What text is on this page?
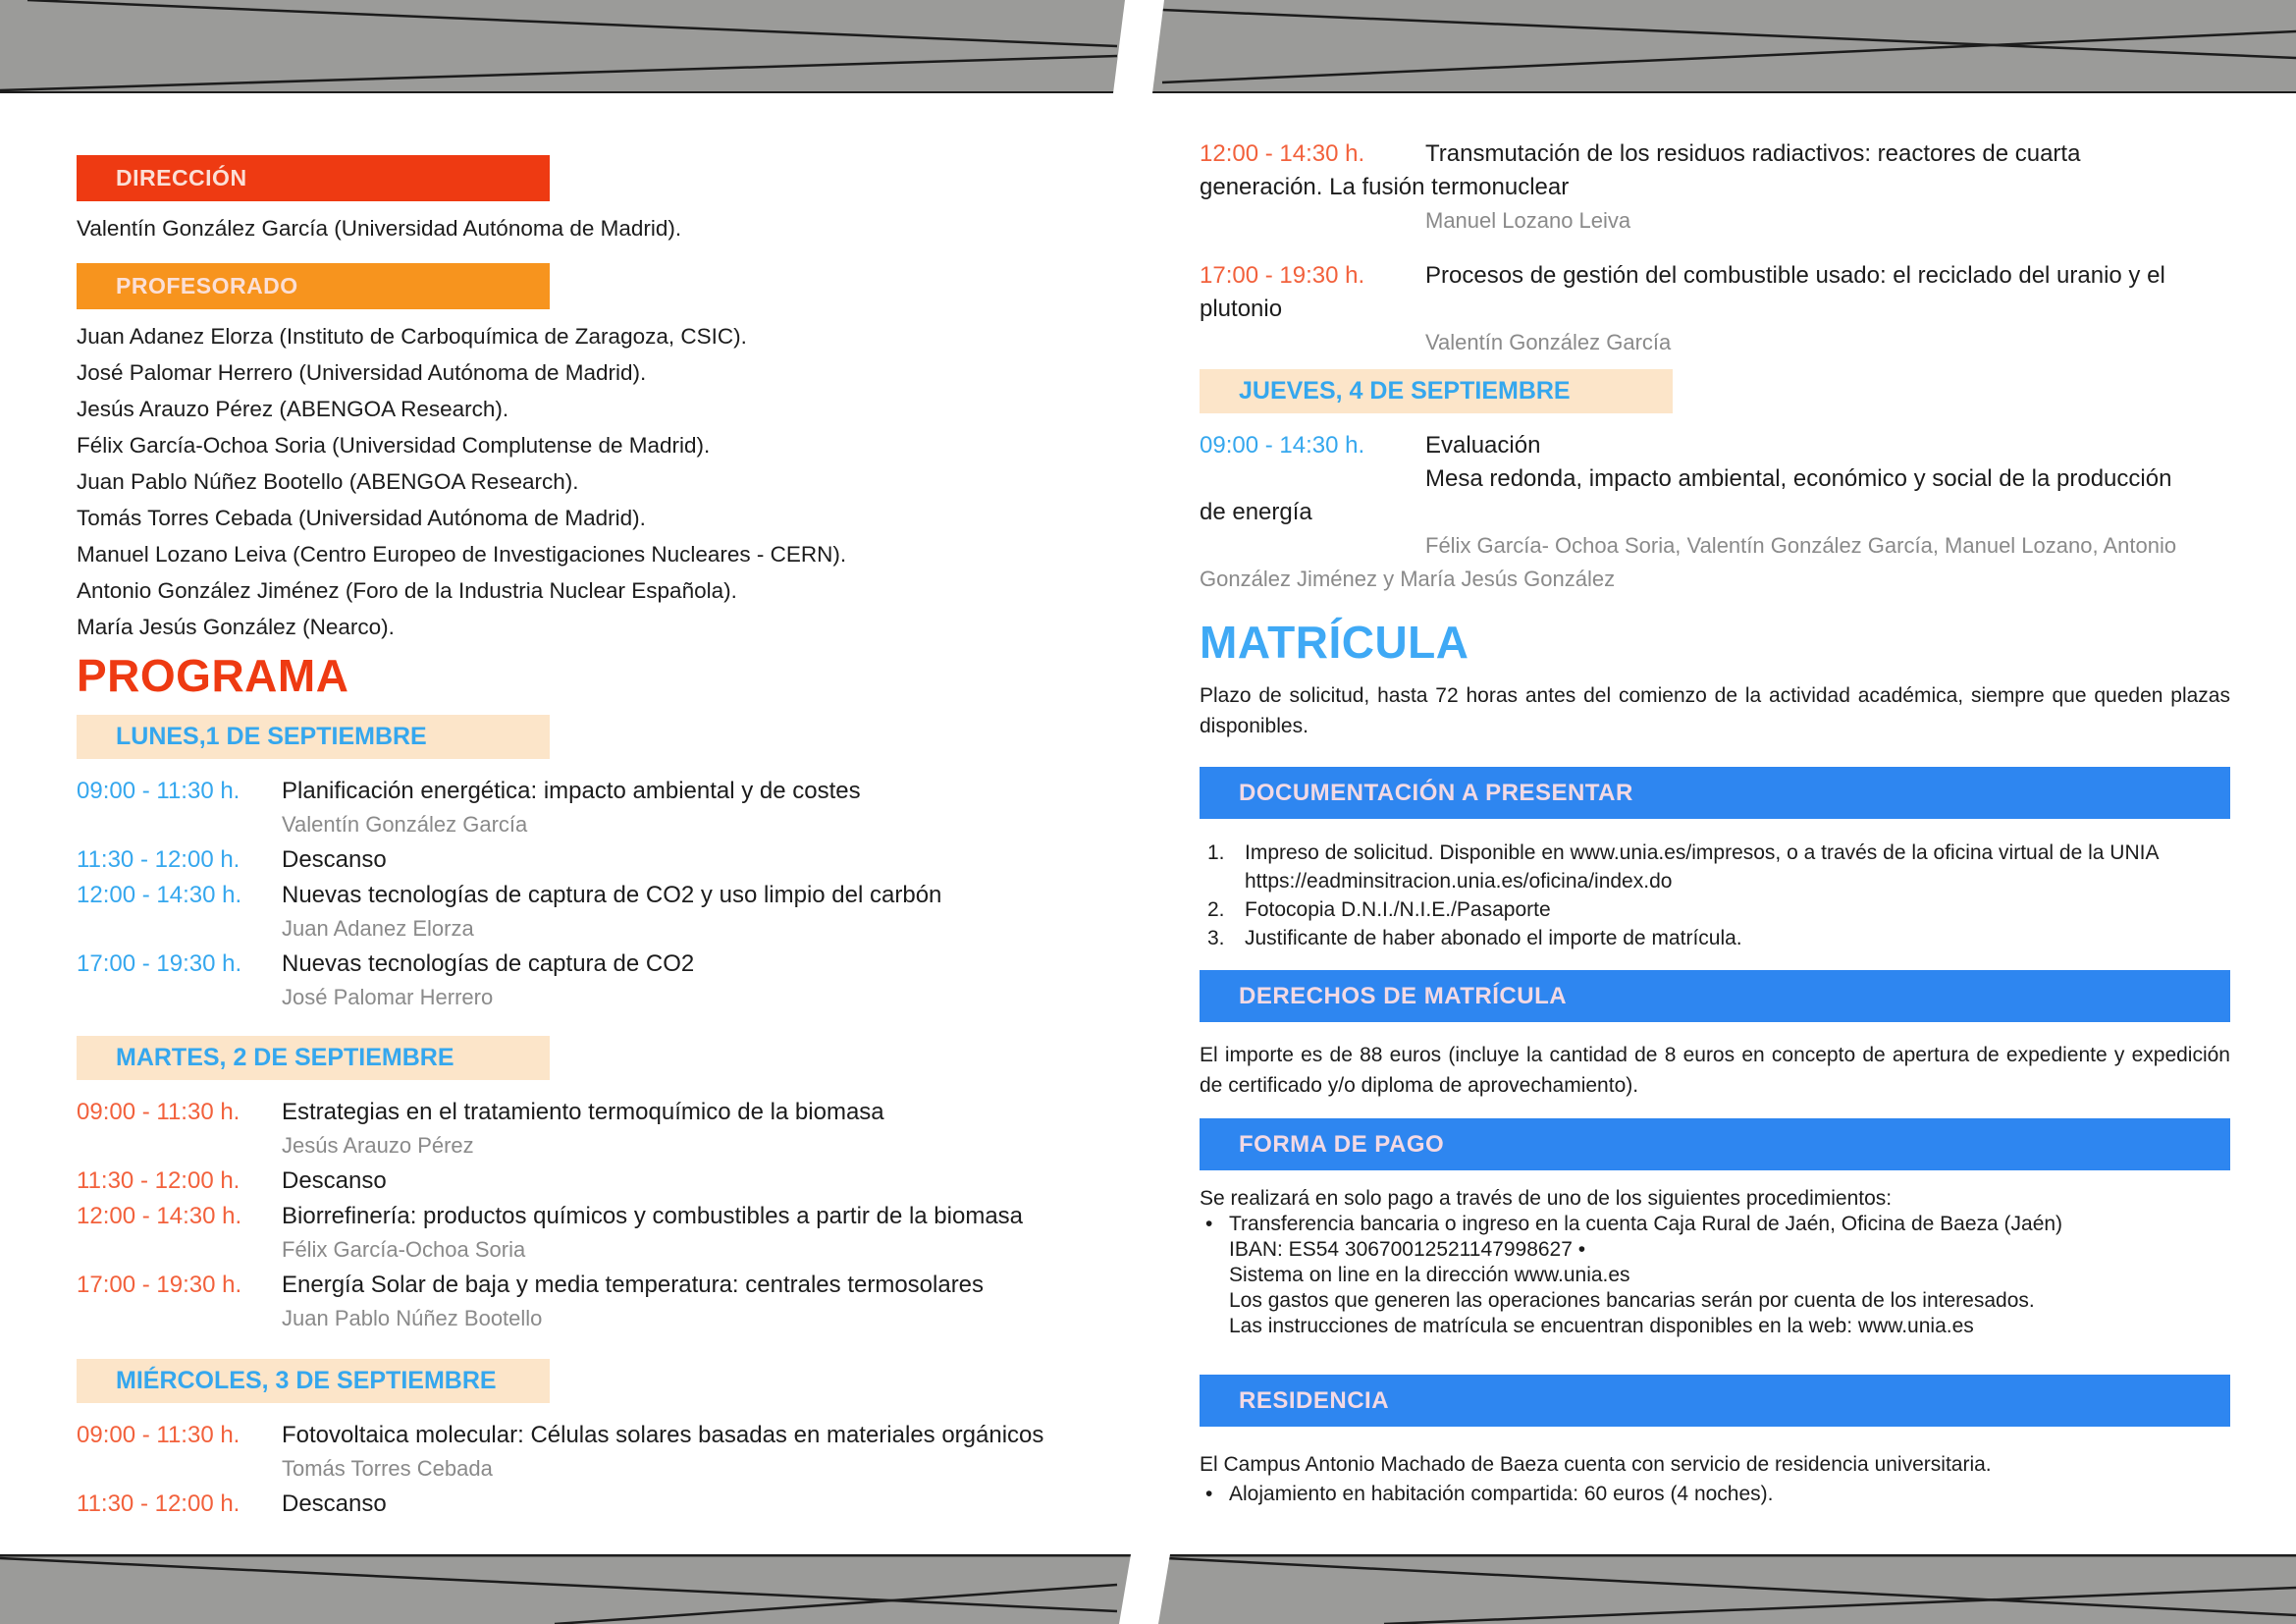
DIRECCIÓN
Valentín González García (Universidad Autónoma de Madrid).
PROFESORADO
Juan Adanez Elorza (Instituto de Carboquímica de Zaragoza, CSIC).
José Palomar Herrero (Universidad Autónoma de Madrid).
Jesús Arauzo Pérez (ABENGOA Research).
Félix García-Ochoa Soria (Universidad Complutense de Madrid).
Juan Pablo Núñez Bootello (ABENGOA Research).
Tomás Torres Cebada (Universidad Autónoma de Madrid).
Manuel Lozano Leiva (Centro Europeo de Investigaciones Nucleares - CERN).
Antonio González Jiménez (Foro de la Industria Nuclear Española).
María Jesús González (Nearco).
PROGRAMA
LUNES,1 DE SEPTIEMBRE
09:00 - 11:30 h. Planificación energética: impacto ambiental y de costes
Valentín González García
11:30 - 12:00 h. Descanso
12:00 - 14:30 h. Nuevas tecnologías de captura de CO2 y uso limpio del carbón
Juan Adanez Elorza
17:00 - 19:30 h. Nuevas tecnologías de captura de CO2
José Palomar Herrero
MARTES, 2 DE SEPTIEMBRE
09:00 - 11:30 h. Estrategias en el tratamiento termoquímico de la biomasa
Jesús Arauzo Pérez
11:30 - 12:00 h. Descanso
12:00 - 14:30 h. Biorrefinería: productos químicos y combustibles a partir de la biomasa
Félix García-Ochoa Soria
17:00 - 19:30 h. Energía Solar de baja y media temperatura: centrales termosolares
Juan Pablo Núñez Bootello
MIÉRCOLES, 3 DE SEPTIEMBRE
09:00 - 11:30 h. Fotovoltaica molecular: Células solares basadas en materiales orgánicos
Tomás Torres Cebada
11:30 - 12:00 h. Descanso
12:00 - 14:30 h.	Transmutación de los residuos radiactivos: reactores de cuarta
generación. La fusión termonuclear
Manuel Lozano Leiva
17:00 - 19:30 h.	Procesos de gestión del combustible usado: el reciclado del uranio y el
plutonio
Valentín González García
JUEVES, 4 DE SEPTIEMBRE
09:00 - 14:30 h.	Evaluación
Mesa redonda, impacto ambiental, económico y social de la producción
de energía
Félix García- Ochoa Soria, Valentín González García, Manuel Lozano, Antonio
González Jiménez y María Jesús González
MATRÍCULA

Plazo de solicitud, hasta 72 horas antes del comienzo de la actividad académica, siempre que queden plazas disponibles.

DOCUMENTACIÓN A PRESENTAR
1. Impreso de solicitud. Disponible en www.unia.es/impresos, o a través de la oficina virtual de la UNIA
https://eadminsitracion.unia.es/oficina/index.do
2. Fotocopia D.N.I./N.I.E./Pasaporte
3. Justificante de haber abonado el importe de matrícula.
DERECHOS DE MATRÍCULA

El importe es de 88 euros (incluye la cantidad de 8 euros en concepto de apertura de expediente y expedición de certificado y/o diploma de aprovechamiento).

FORMA DE PAGO
Se realizará en solo pago a través de uno de los siguientes procedimientos:
• Transferencia bancaria o ingreso en la cuenta Caja Rural de Jaén, Oficina de Baeza (Jaén)
IBAN: ES54 30670012521147998627 •
Sistema on line en la dirección www.unia.es
Los gastos que generen las operaciones bancarias serán por cuenta de los interesados.
Las instrucciones de matrícula se encuentran disponibles en la web: www.unia.es
RESIDENCIA
El Campus Antonio Machado de Baeza cuenta con servicio de residencia universitaria.
• Alojamiento en habitación compartida: 60 euros (4 noches).
